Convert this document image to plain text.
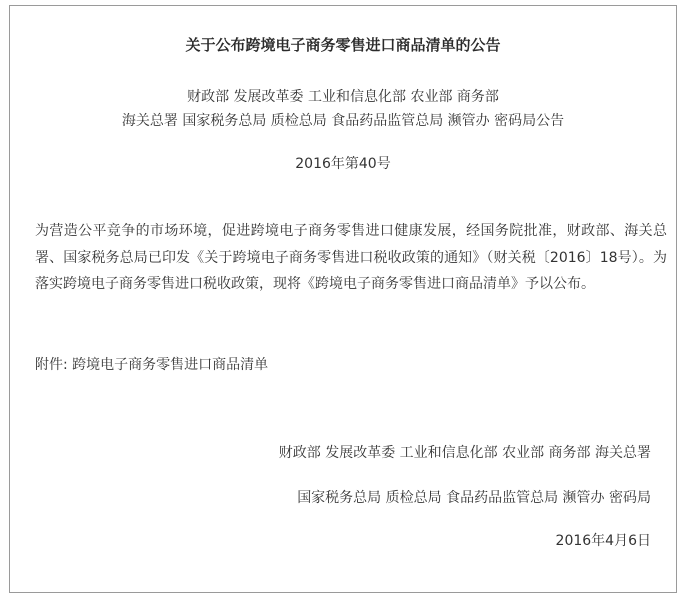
关于公布跨境电子商务零售进口商品清单的公告
财政部 发展改革委 工业和信息化部 农业部 商务部
海关总署 国家税务总局 质检总局 食品药品监管总局 濒管办 密码局公告
2016年第40号
为营造公平竞争的市场环境，促进跨境电子商务零售进口健康发展，经国务院批准，财政部、海关总署、国家税务总局已印发《关于跨境电子商务零售进口税收政策的通知》（财关税〔2016〕18号）。为落实跨境电子商务零售进口税收政策，现将《跨境电子商务零售进口商品清单》予以公布。
附件: 跨境电子商务零售进口商品清单
财政部 发展改革委 工业和信息化部 农业部 商务部 海关总署
国家税务总局 质检总局 食品药品监管总局 濒管办 密码局
2016年4月6日
